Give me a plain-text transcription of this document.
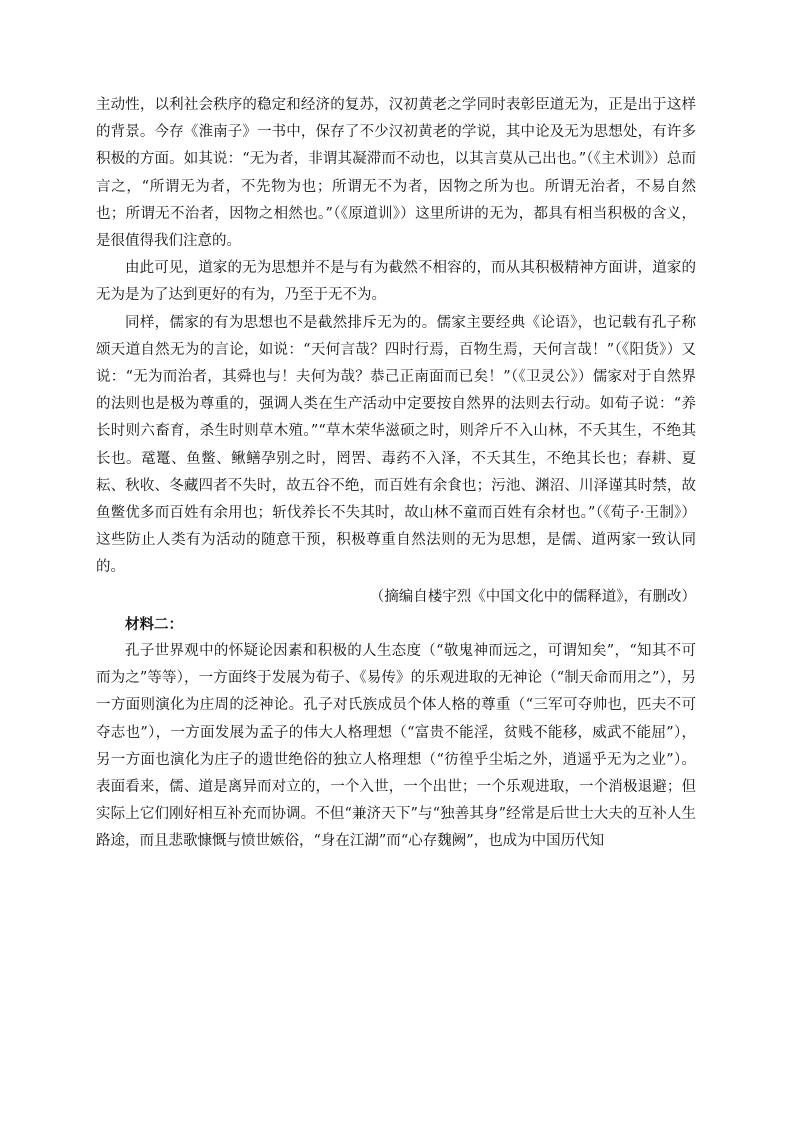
主动性，以利社会秩序的稳定和经济的复苏，汉初黄老之学同时表彰臣道无为，正是出于这样的背景。今存《淮南子》一书中，保存了不少汉初黄老的学说，其中论及无为思想处，有许多积极的方面。如其说：“无为者，非谓其凝滞而不动也，以其言莫从己出也。”（《主术训》）总而言之，“所谓无为者，不先物为也；所谓无不为者，因物之所为也。所谓无治者，不易自然也；所谓无不治者，因物之相然也。”（《原道训》）这里所讲的无为，都具有相当积极的含义，是很值得我们注意的。

由此可见，道家的无为思想并不是与有为截然不相容的，而从其积极精神方面讲，道家的无为是为了达到更好的有为，乃至于无不为。

同样，儒家的有为思想也不是截然排斥无为的。儒家主要经典《论语》，也记载有孔子称颂天道自然无为的言论，如说：“天何言哉？四时行焉，百物生焉，天何言哉！”（《阳货》）又说：“无为而治者，其舜也与！夫何为哉？恭己正南面而已矣！”（《卫灵公》）儒家对于自然界的法则也是极为尊重的，强调人类在生产活动中定要按自然界的法则去行动。如荀子说：“养长时则六畜育，杀生时则草木殖。”“草木荣华滋硕之时，则斧斤不入山林，不夭其生，不绝其长也。鼋鼍、鱼鳖、鳅鳝孕别之时，罔罟、毒药不入泽，不夭其生，不绝其长也；春耕、夏耘、秋收、冬藏四者不失时，故五谷不绝，而百姓有余食也；污池、渊沼、川泽谨其时禁，故鱼鳖优多而百姓有余用也；斩伐养长不失其时，故山林不童而百姓有余材也。”（《荀子·王制》）这些防止人类有为活动的随意干预，积极尊重自然法则的无为思想，是儒、道两家一致认同的。

（摘编自楼宇烈《中国文化中的儒释道》，有删改）

材料二：

孔子世界观中的怀疑论因素和积极的人生态度（“敬鬼神而远之，可谓知矣”，“知其不可而为之”等等），一方面终于发展为荀子、《易传》的乐观进取的无神论（“制天命而用之”），另一方面则演化为庄周的泛神论。孔子对氏族成员个体人格的尊重（“三军可夺帅也，匹夫不可夺志也”），一方面发展为孟子的伟大人格理想（“富贵不能淫，贫贱不能移，威武不能屈”），另一方面也演化为庄子的遗世绝俗的独立人格理想（“彷徨乎尘垢之外，逍遥乎无为之业”）。表面看来，儒、道是离异而对立的，一个入世，一个出世；一个乐观进取，一个消极退避；但实际上它们刚好相互补充而协调。不但“兼济天下”与“独善其身”经常是后世士大夫的互补人生路途，而且悲歌慷慨与愤世嫉俗，“身在江湖”而“心存魏阙”，也成为中国历代知
